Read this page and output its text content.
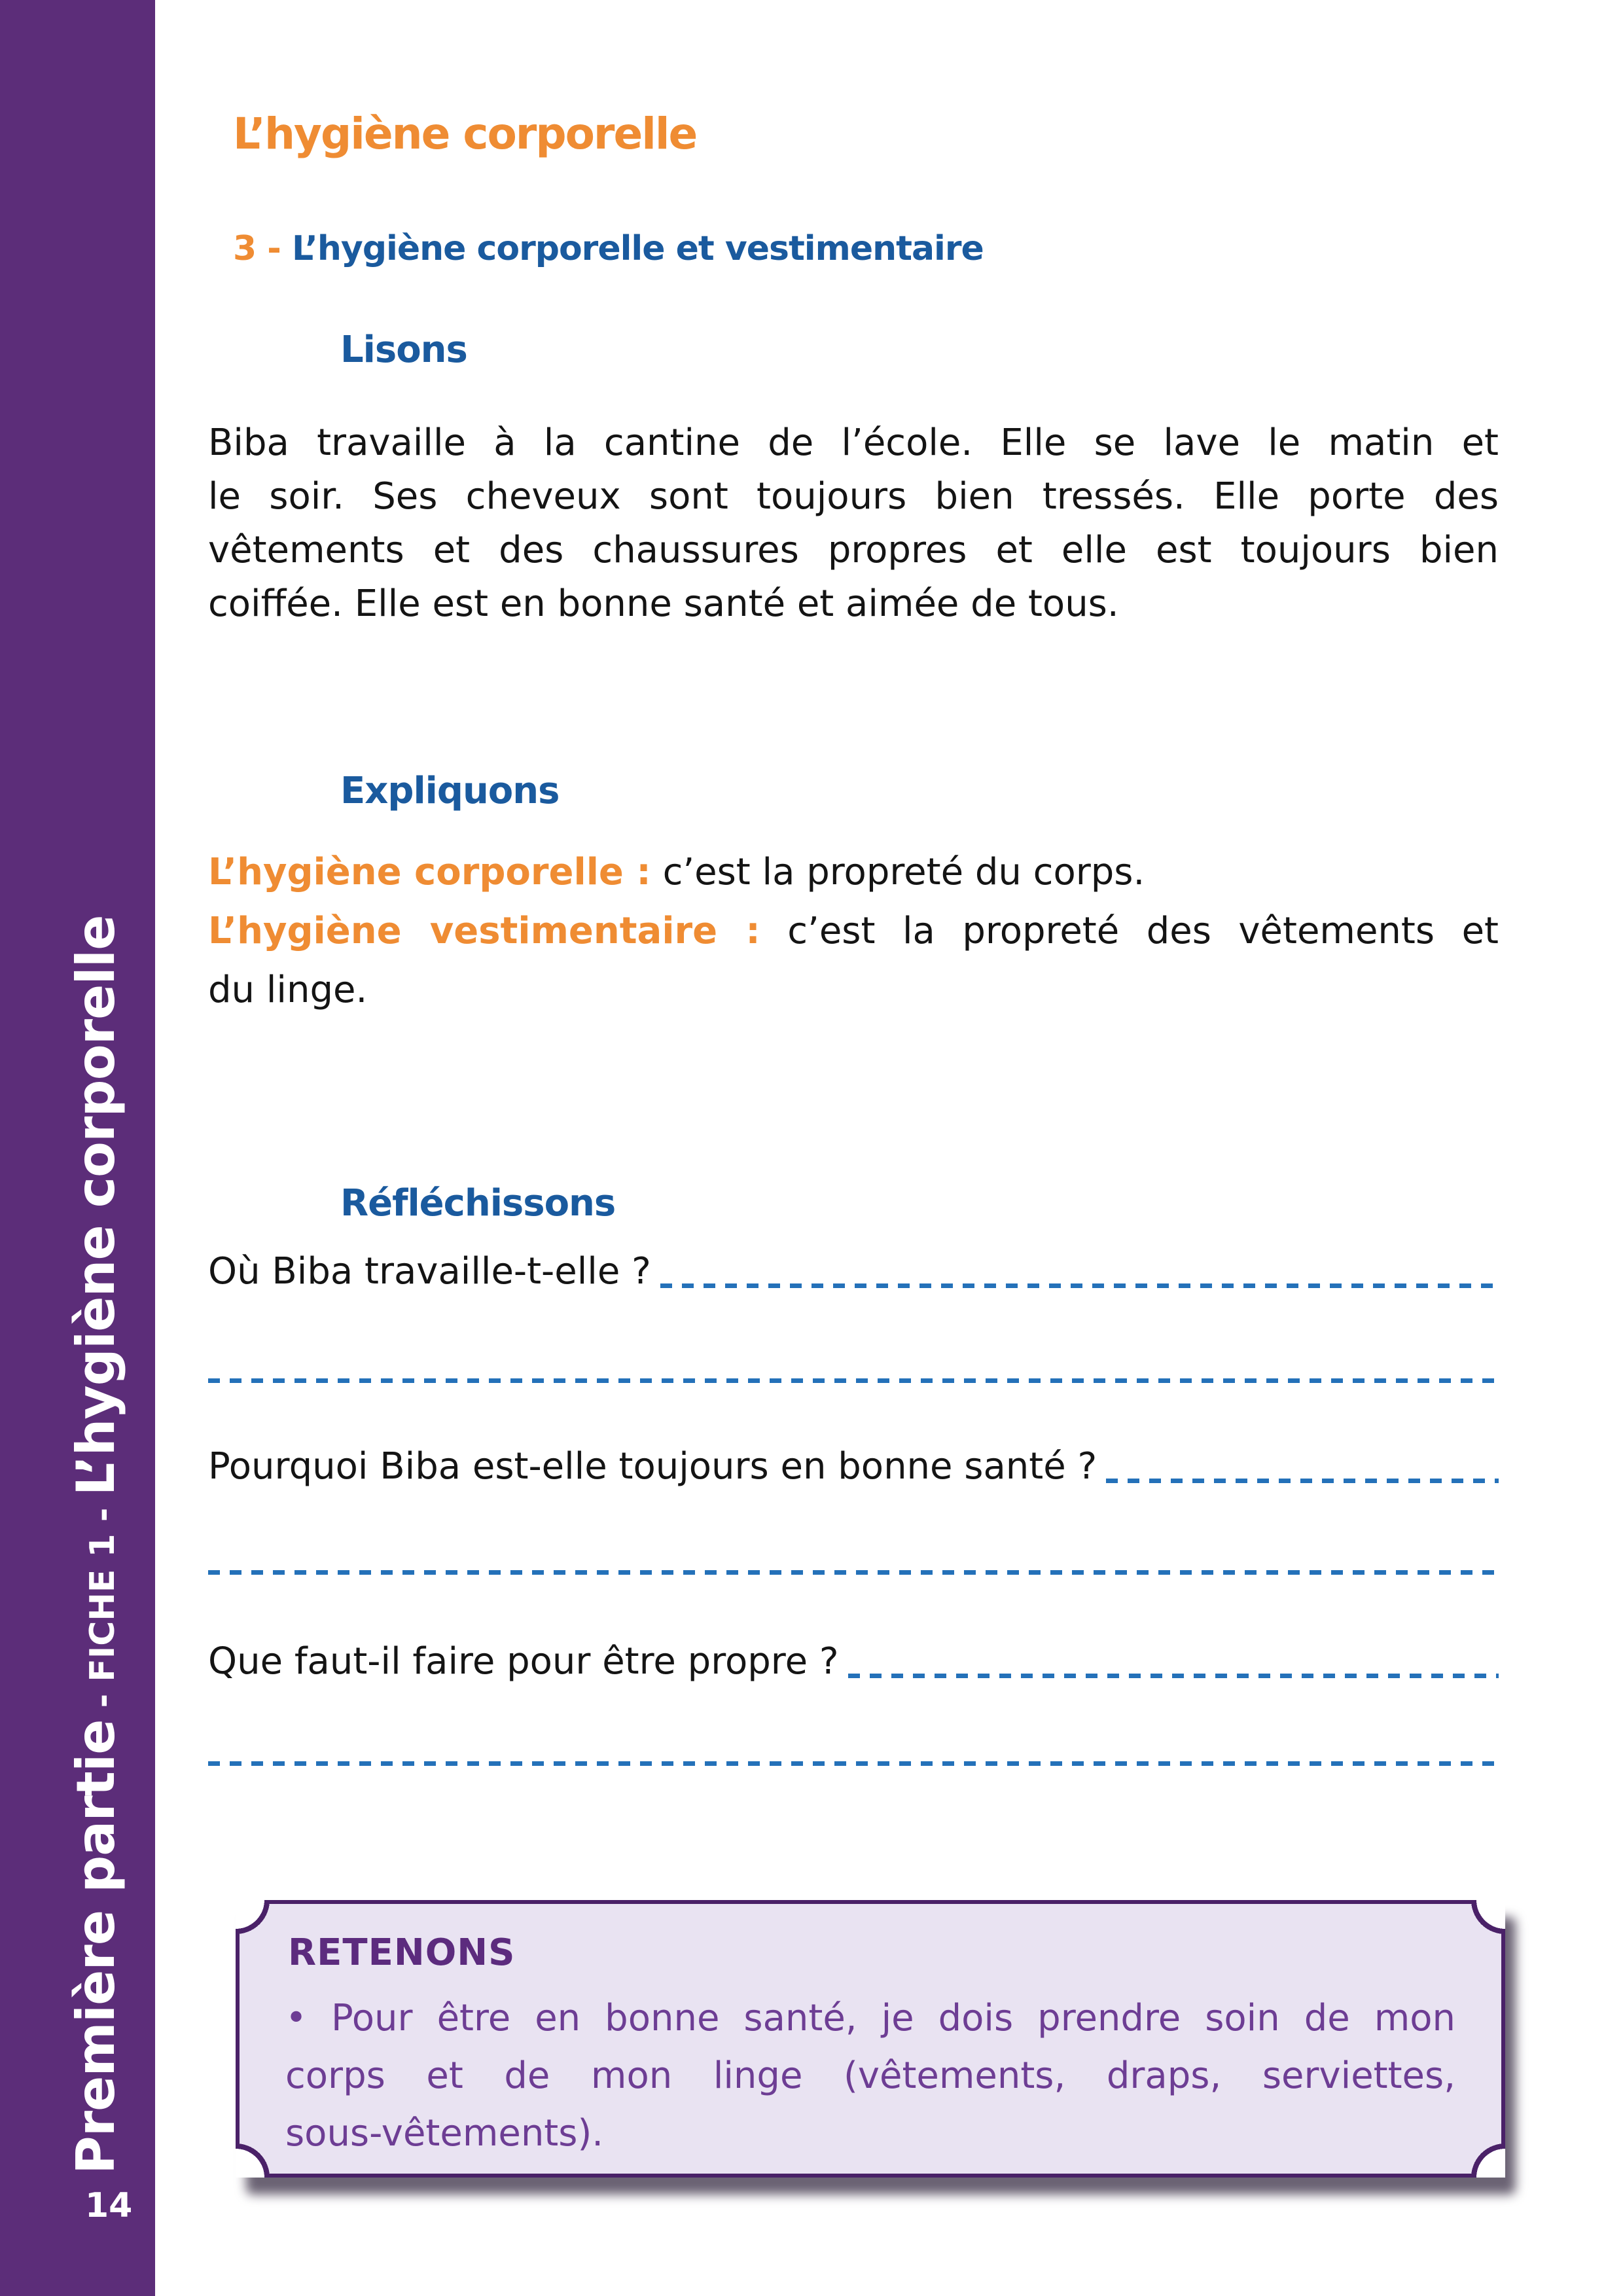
Première partie - FICHE 1 - L’hygiène corporelle
14
L’hygiène corporelle
3 - L’hygiène corporelle et vestimentaire
Lisons
Biba travaille à la cantine de l’école. Elle se lave le matin et
le soir. Ses cheveux sont toujours bien tressés. Elle porte des
vêtements et des chaussures propres et elle est toujours bien
coiffée. Elle est en bonne santé et aimée de tous.
Expliquons
L’hygiène corporelle : c’est la propreté du corps.
L’hygiène vestimentaire : c’est la propreté des vêtements et
du linge.
Réfléchissons
Où Biba travaille-t-elle ?
Pourquoi Biba est-elle toujours en bonne santé ?
Que faut-il faire pour être propre ?
RETENONS
• Pour être en bonne santé, je dois prendre soin de mon
corps et de mon linge (vêtements, draps, serviettes,
sous-vêtements).
